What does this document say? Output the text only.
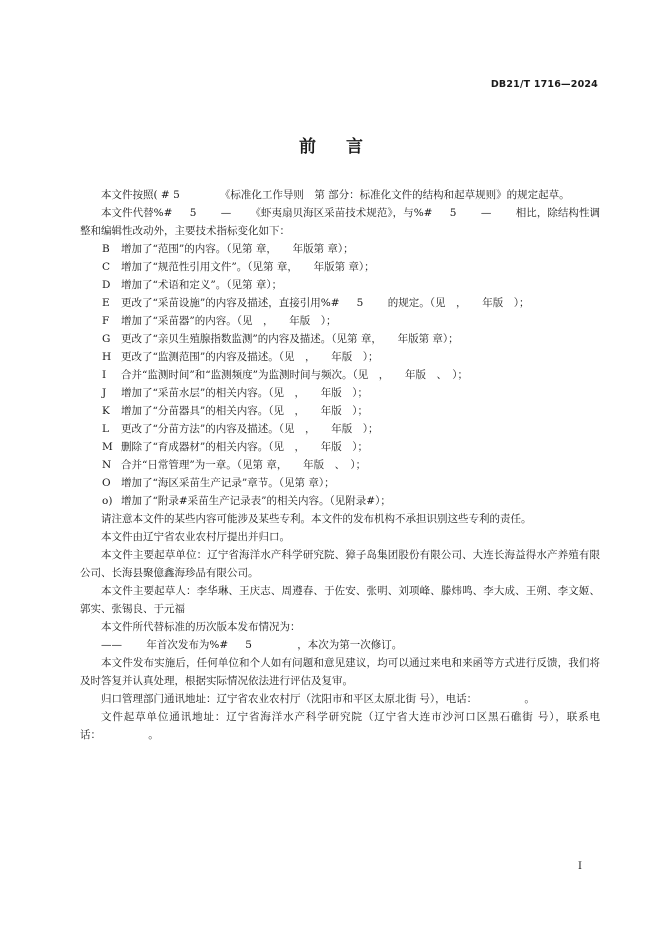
DB21/T 1716—2024
前言

本文件按照( # 5 　　　　《标准化工作导则　第 部分：标准化文件的结构和起草规则》的规定起草。

本文件代替%# 　 5 　　— 　　《虾夷扇贝海区采苗技术规范》，与%# 　 5 　　— 　　相比，除结构性调整和编辑性改动外，主要技术指标变化如下：

B	增加了“范围”的内容。（见第 章，　　年版第 章）；
C	增加了“规范性引用文件”。（见第 章，　　年版第 章）；
D	增加了“术语和定义”。（见第 章）；
E	更改了“采苗设施”的内容及描述，直接引用%# 　 5 　　的规定。（见　，　　年版　）；
F	增加了“采苗器”的内容。（见　，　　年版　）；
G	更改了“亲贝生殖腺指数监测”的内容及描述。（见第 章，　　年版第 章）；
H 更改了“监测范围”的内容及描述。（见　，　　年版　）；
I	合并“监测时间”和“监测频度”为监测时间与频次。（见　，　　年版　、　）；
J	增加了“采苗水层”的相关内容。（见　，　　年版　）；
K	增加了“分苗器具”的相关内容。（见　，　　年版　）；
L	更改了“分苗方法”的内容及描述。（见　，　　年版　）；
M 删除了“育成器材”的相关内容。（见　，　　年版　）；
N 合并“日常管理”为一章。（见第 章，　　年版　、　）；
O 增加了“海区采苗生产记录”章节。（见第 章）；
o) 增加了“附录#采苗生产记录表”的相关内容。（见附录#）；

请注意本文件的某些内容可能涉及某些专利。本文件的发布机构不承担识别这些专利的责任。

本文件由辽宁省农业农村厅提出并归口。

本文件主要起草单位：辽宁省海洋水产科学研究院、獐子岛集团股份有限公司、大连长海益得水产养殖有限公司、长海县聚億鑫海珍品有限公司。

本文件主要起草人：李华琳、王庆志、周遵春、于佐安、张明、刘项峰、滕炜鸣、李大成、王朔、李文姬、郭实、张锡良、于元福

本文件所代替标准的历次版本发布情况为：

—— 　　年首次发布为%# 　 5 　　　　，本次为第一次修订。

本文件发布实施后，任何单位和个人如有问题和意见建议，均可以通过来电和来函等方式进行反馈，我们将及时答复并认真处理，根据实际情况依法进行评估及复审。

归口管理部门通讯地址：辽宁省农业农村厅（沈阳市和平区太原北街 号），电话：　　　　　。

文件起草单位通讯地址：辽宁省海洋水产科学研究院（辽宁省大连市沙河口区黑石礁街 号），联系电话：　　　　　。

I
